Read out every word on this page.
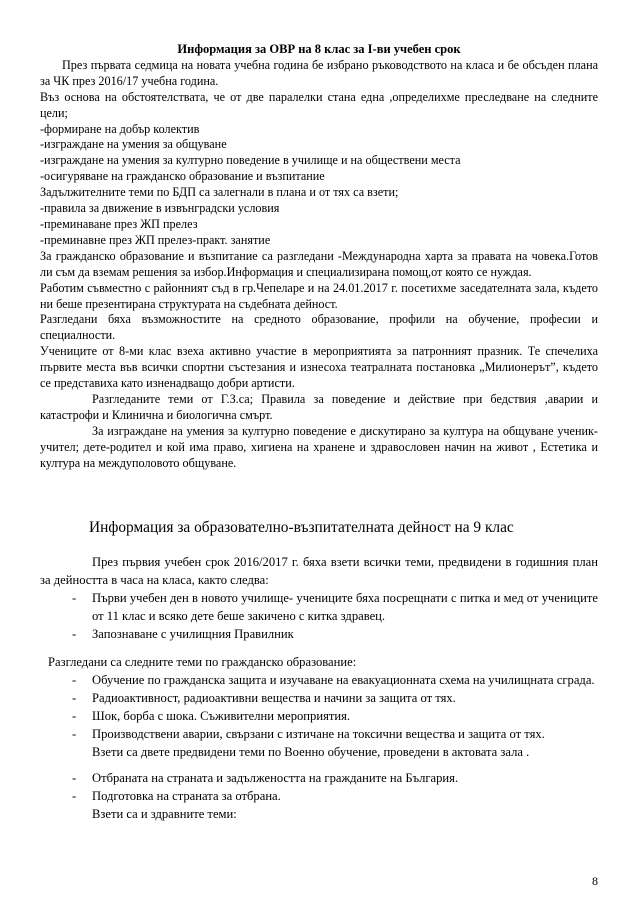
Информация за ОВР на 8 клас за I-ви учебен срок

През първата седмица на новата учебна година бе избрано ръководството на класа и бе обсъден плана за ЧК през 2016/17 учебна година.

Въз основа на обстоятелствата, че от две паралелки стана една ,определихме преследване на следните цели;

-формиране на добър колектив

-изграждане на умения за общуване

-изграждане на умения за културно поведение в училище и на обществени места

-осигуряване на гражданско образование и възпитание

Задължителните теми по БДП са залегнали в плана и от тях са взети;

-правила за движение в извънградски условия

-преминаване през ЖП прелез

-преминавне през ЖП прелез-практ. занятие

За гражданско образование и възпитание са разгледани -Международна харта за правата на човека.Готов ли съм да вземам решения за избор.Информация и специализирана помощ,от която се нуждая.

Работим съвместно с районният съд в гр.Чепеларе и на 24.01.2017 г. посетихме заседателната зала, където ни беше презентирана структурата на съдебната дейност.

Разгледани бяха възможностите на средното образование, профили на обучение, професии и специалности.

Учениците от 8-ми клас взеха активно участие в мероприятията за патронният празник. Те спечелиха първите места във всички спортни състезания и изнесоха театралната постановка „Милионерът”, където се представиха като изненадващо добри артисти.

Разгледаните теми от Г.З.са; Правила за поведение и действие при бедствия ,аварии и катастрофи и Клинична и биологична смърт.

За изграждане на умения за културно поведение е дискутирано за култура на общуване ученик-учител; дете-родител и кой има право, хигиена на хранене и здравословен начин на живот , Естетика и култура на междуполовото общуване.

Информация за образователно-възпитателната дейност на 9 клас

През първия учебен срок 2016/2017 г. бяха взети всички теми, предвидени в годишния план за дейността в часа на класа, както следва:

- Първи учебен ден в новото училище- учениците бяха посрещнати с питка и мед от учениците от 11 клас и всяко дете беше закичено с китка здравец.

- Запознаване с училищния Правилник

Разгледани са следните теми по гражданско образование:

- Обучение по гражданска защита и изучаване на евакуационната схема на училищната сграда.

- Радиоактивност, радиоактивни вещества и начини за защита от тях.

- Шок, борба с шока. Съживителни мероприятия.

- Производствени аварии, свързани с изтичане на токсични вещества и защита от тях.

Взети са двете предвидени теми по Военно обучение, проведени в актовата зала .

- Отбраната на страната и задължеността на гражданите на България.

- Подготовка на страната за отбрана.

Взети са и здравните теми:

8
